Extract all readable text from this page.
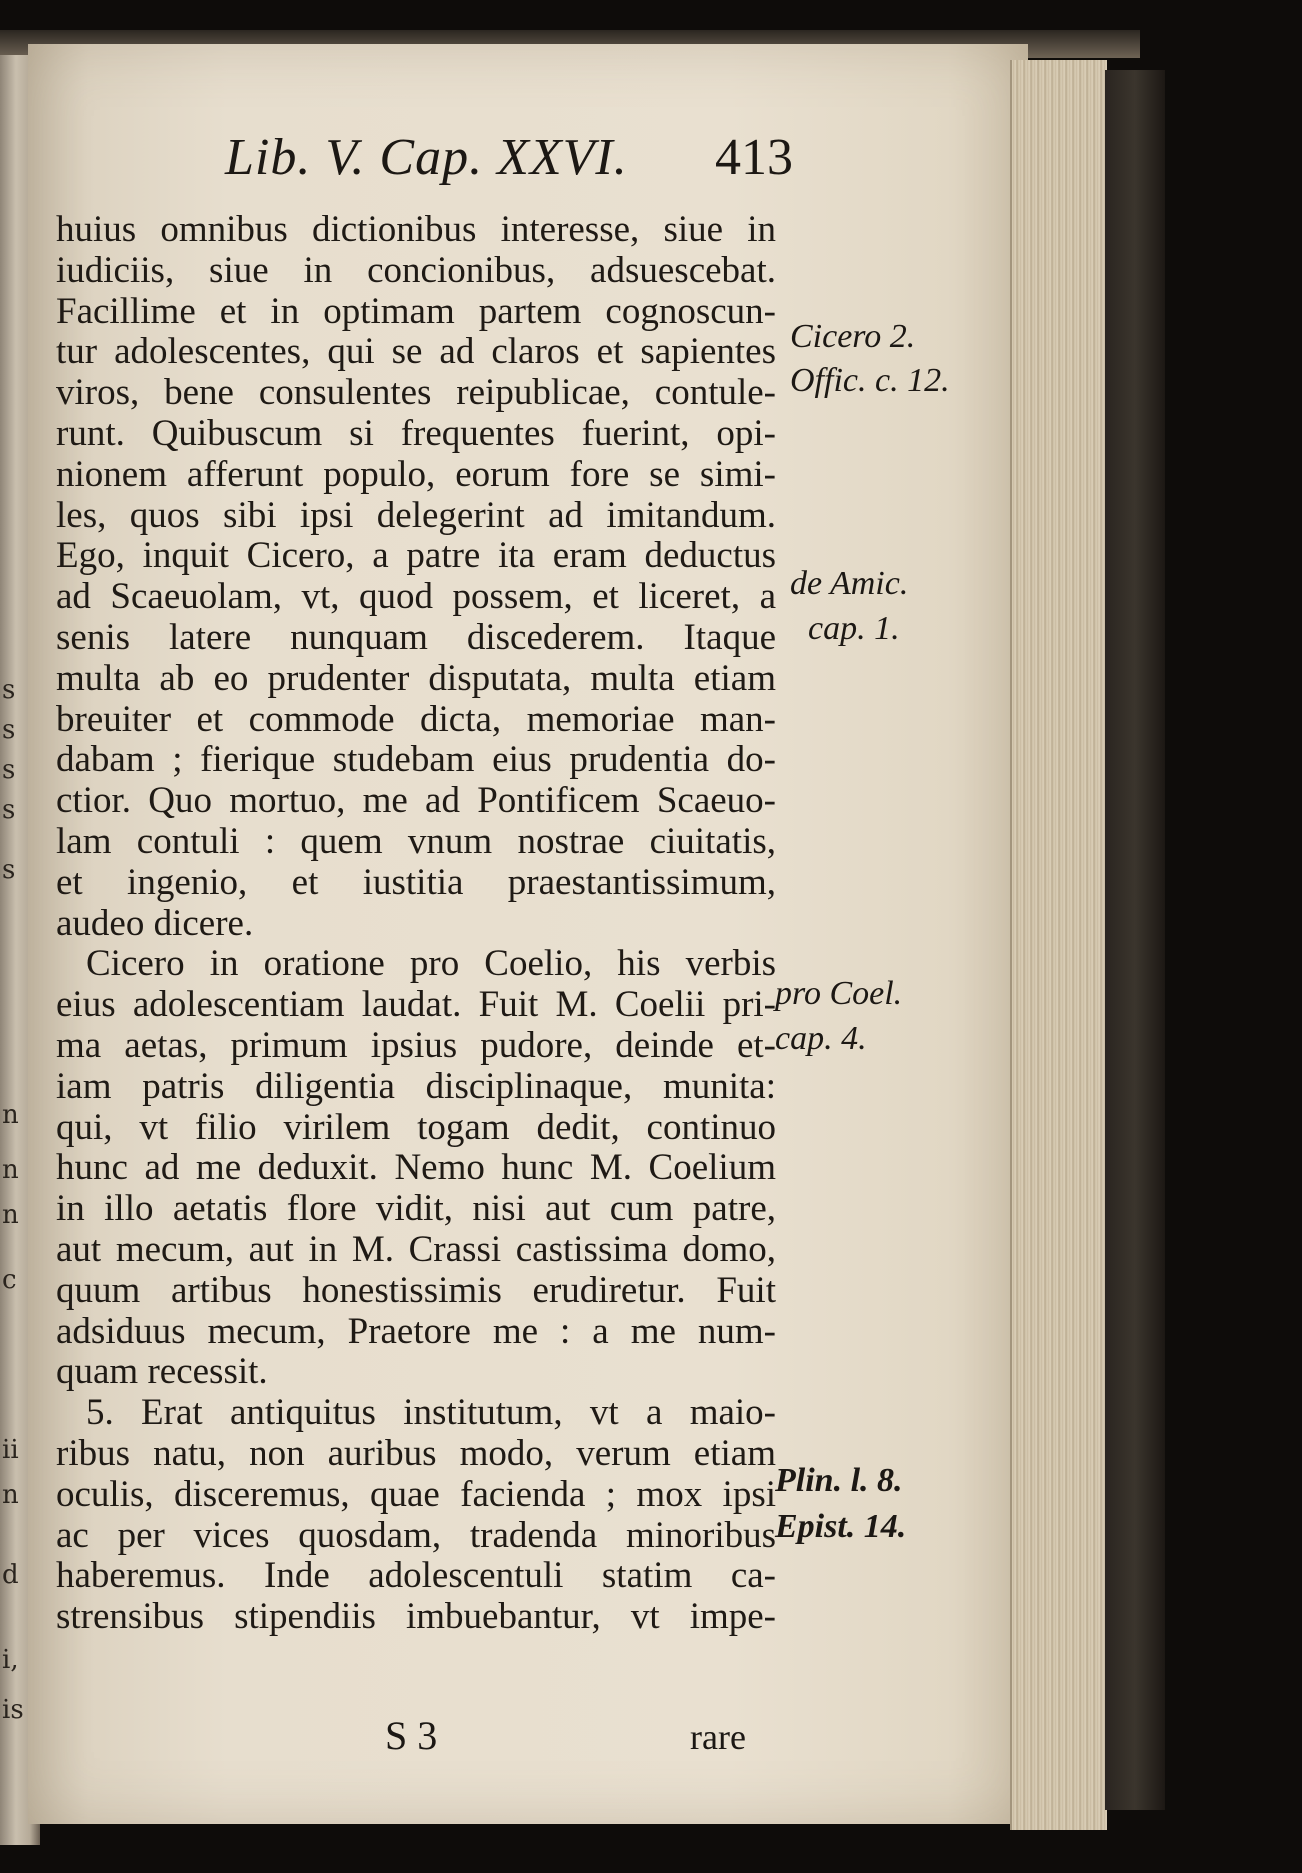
s
s
s
s
s
n
n
n
c
ii
n
d
i,
is
Lib. V. Cap. XXVI. 413
huius omnibus dictionibus interesse, siue in
iudiciis, siue in concionibus, adsuescebat.
Facillime et in optimam partem cognoscun-
tur adolescentes, qui se ad claros et sapientes
viros, bene consulentes reipublicae, contule-
runt. Quibuscum si frequentes fuerint, opi-
nionem afferunt populo, eorum fore se simi-
les, quos sibi ipsi delegerint ad imitandum.
Ego, inquit Cicero, a patre ita eram deductus
ad Scaeuolam, vt, quod possem, et liceret, a
senis latere nunquam discederem. Itaque
multa ab eo prudenter disputata, multa etiam
breuiter et commode dicta, memoriae man-
dabam ; fierique studebam eius prudentia do-
ctior. Quo mortuo, me ad Pontificem Scaeuo-
lam contuli : quem vnum nostrae ciuitatis,
et ingenio, et iustitia praestantissimum,
audeo dicere.
Cicero in oratione pro Coelio, his verbis
eius adolescentiam laudat. Fuit M. Coelii pri-
ma aetas, primum ipsius pudore, deinde et-
iam patris diligentia disciplinaque, munita:
qui, vt filio virilem togam dedit, continuo
hunc ad me deduxit. Nemo hunc M. Coelium
in illo aetatis flore vidit, nisi aut cum patre,
aut mecum, aut in M. Crassi castissima domo,
quum artibus honestissimis erudiretur. Fuit
adsiduus mecum, Praetore me : a me num-
quam recessit.
5. Erat antiquitus institutum, vt a maio-
ribus natu, non auribus modo, verum etiam
oculis, disceremus, quae facienda ; mox ipsi
ac per vices quosdam, tradenda minoribus
haberemus. Inde adolescentuli statim ca-
strensibus stipendiis imbuebantur, vt impe-
Cicero 2.
Offic. c. 12.
de Amic.
cap. 1.
pro Coel.
cap. 4.
Plin. l. 8.
Epist. 14.
S 3	rare
